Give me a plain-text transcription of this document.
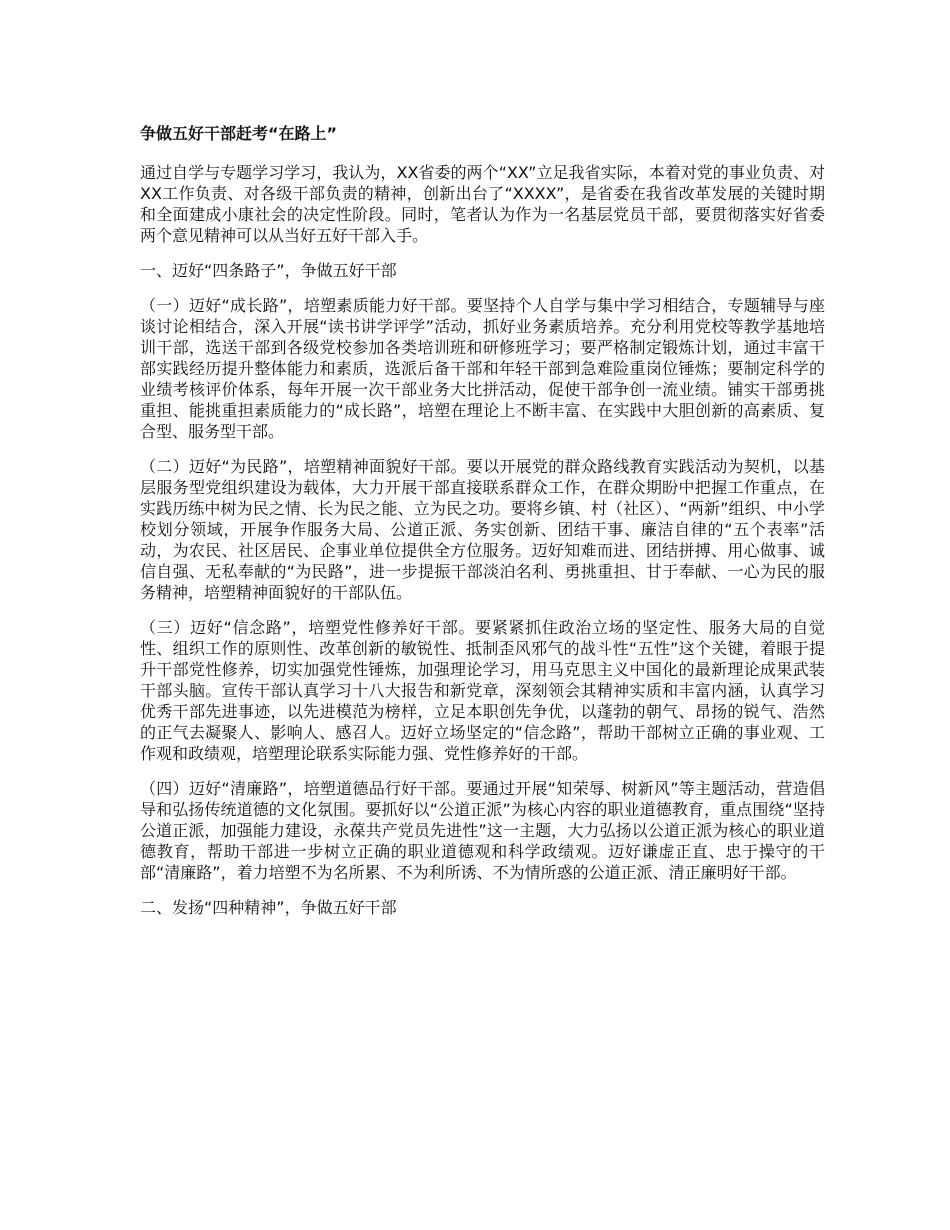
争做五好干部赶考“在路上”

通过自学与专题学习学习，我认为，XX省委的两个“XX”立足我省实际，本着对党的事业负责、对XX工作负责、对各级干部负责的精神，创新出台了“XXXX”，是省委在我省改革发展的关键时期和全面建成小康社会的决定性阶段。同时，笔者认为作为一名基层党员干部，要贯彻落实好省委两个意见精神可以从当好五好干部入手。

一、迈好“四条路子”，争做五好干部

（一）迈好“成长路”，培塑素质能力好干部。要坚持个人自学与集中学习相结合，专题辅导与座谈讨论相结合，深入开展“读书讲学评学”活动，抓好业务素质培养。充分利用党校等教学基地培训干部，选送干部到各级党校参加各类培训班和研修班学习；要严格制定锻炼计划，通过丰富干部实践经历提升整体能力和素质，选派后备干部和年轻干部到急难险重岗位锤炼；要制定科学的业绩考核评价体系，每年开展一次干部业务大比拼活动，促使干部争创一流业绩。铺实干部勇挑重担、能挑重担素质能力的“成长路”，培塑在理论上不断丰富、在实践中大胆创新的高素质、复合型、服务型干部。

（二）迈好“为民路”，培塑精神面貌好干部。要以开展党的群众路线教育实践活动为契机，以基层服务型党组织建设为载体，大力开展干部直接联系群众工作，在群众期盼中把握工作重点，在实践历练中树为民之情、长为民之能、立为民之功。要将乡镇、村（社区）、“两新”组织、中小学校划分领域，开展争作服务大局、公道正派、务实创新、团结干事、廉洁自律的“五个表率”活动，为农民、社区居民、企事业单位提供全方位服务。迈好知难而进、团结拼搏、用心做事、诚信自强、无私奉献的“为民路”，进一步提振干部淡泊名利、勇挑重担、甘于奉献、一心为民的服务精神，培塑精神面貌好的干部队伍。

（三）迈好“信念路”，培塑党性修养好干部。要紧紧抓住政治立场的坚定性、服务大局的自觉性、组织工作的原则性、改革创新的敏锐性、抵制歪风邪气的战斗性“五性”这个关键，着眼于提升干部党性修养，切实加强党性锤炼，加强理论学习，用马克思主义中国化的最新理论成果武装干部头脑。宣传干部认真学习十八大报告和新党章，深刻领会其精神实质和丰富内涵，认真学习优秀干部先进事迹，以先进模范为榜样，立足本职创先争优，以蓬勃的朝气、昂扬的锐气、浩然的正气去凝聚人、影响人、感召人。迈好立场坚定的“信念路”，帮助干部树立正确的事业观、工作观和政绩观，培塑理论联系实际能力强、党性修养好的干部。

（四）迈好“清廉路”，培塑道德品行好干部。要通过开展“知荣辱、树新风”等主题活动，营造倡导和弘扬传统道德的文化氛围。要抓好以“公道正派”为核心内容的职业道德教育，重点围绕“坚持公道正派，加强能力建设，永葆共产党员先进性”这一主题，大力弘扬以公道正派为核心的职业道德教育，帮助干部进一步树立正确的职业道德观和科学政绩观。迈好谦虚正直、忠于操守的干部“清廉路”，着力培塑不为名所累、不为利所诱、不为情所惑的公道正派、清正廉明好干部。

二、发扬“四种精神”，争做五好干部
